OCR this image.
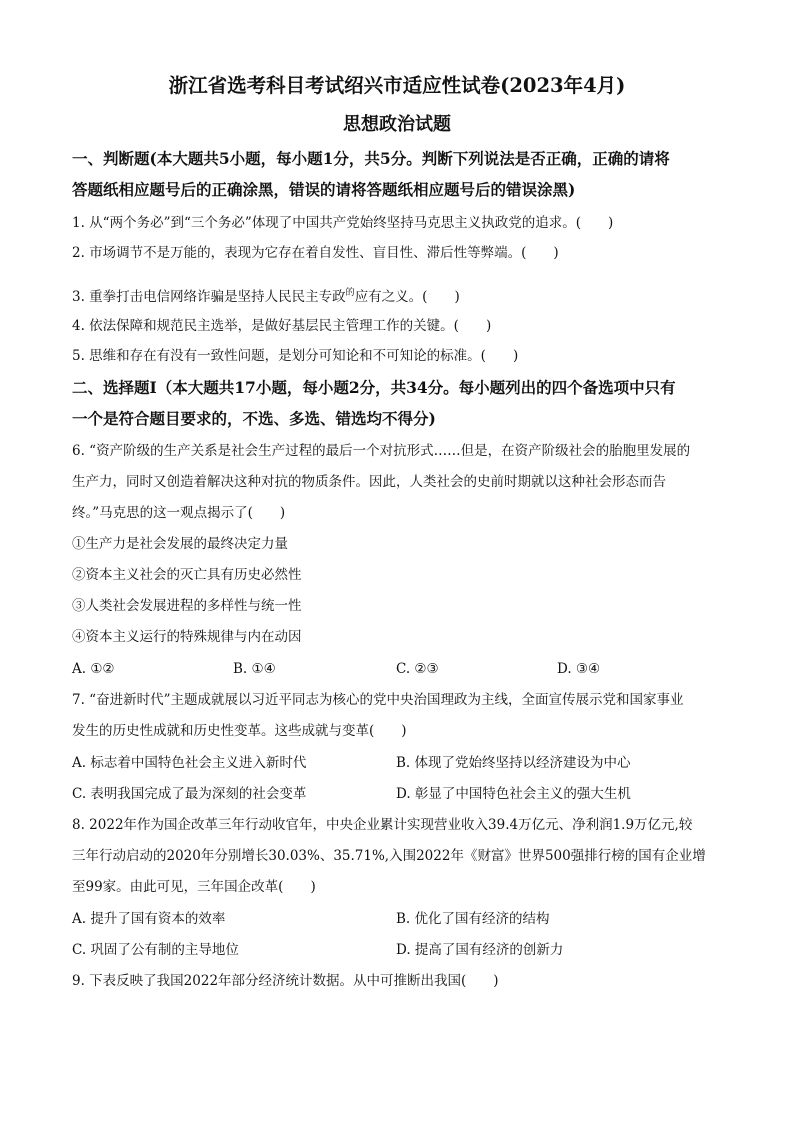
浙江省选考科目考试绍兴市适应性试卷(2023年4月)
思想政治试题
一、判断题(本大题共5小题，每小题1分，共5分。判断下列说法是否正确，正确的请将
答题纸相应题号后的正确涂黑，错误的请将答题纸相应题号后的错误涂黑)
1. 从“两个务必”到“三个务必”体现了中国共产党始终坚持马克思主义执政党的追求。(　　)
2. 市场调节不是万能的，表现为它存在着自发性、盲目性、滞后性等弊端。(　　)
3. 重拳打击电信网络诈骗是坚持人民民主专政$^的$应有之义。(　　)
4. 依法保障和规范民主选举，是做好基层民主管理工作的关键。(　　)
5. 思维和存在有没有一致性问题，是划分可知论和不可知论的标准。(　　)
二、选择题Ⅰ（本大题共17小题，每小题2分，共34分。每小题列出的四个备选项中只有
一个是符合题目要求的，不选、多选、错选均不得分)
6. “资产阶级的生产关系是社会生产过程的最后一个对抗形式……但是，在资产阶级社会的胎胞里发展的
生产力，同时又创造着解决这种对抗的物质条件。因此，人类社会的史前时期就以这种社会形态而告
终。”马克思的这一观点揭示了(　　)
①生产力是社会发展的最终决定力量
②资本主义社会的灭亡具有历史必然性
③人类社会发展进程的多样性与统一性
④资本主义运行的特殊规律与内在动因
A. ①②	B. ①④	C. ②③	D. ③④
7. “奋进新时代”主题成就展以习近平同志为核心的党中央治国理政为主线，全面宣传展示党和国家事业
发生的历史性成就和历史性变革。这些成就与变革(　　)
A. 标志着中国特色社会主义进入新时代	B. 体现了党始终坚持以经济建设为中心
C. 表明我国完成了最为深刻的社会变革	D. 彰显了中国特色社会主义的强大生机
8. 2022年作为国企改革三年行动收官年，中央企业累计实现营业收入39.4万亿元、净利润1.9万亿元,较
三年行动启动的2020年分别增长30.03%、35.71%,入围2022年《财富》世界500强排行榜的国有企业增
至99家。由此可见，三年国企改革(　　)
A. 提升了国有资本的效率	B. 优化了国有经济的结构
C. 巩固了公有制的主导地位	D. 提高了国有经济的创新力
9. 下表反映了我国2022年部分经济统计数据。从中可推断出我国(　　)
